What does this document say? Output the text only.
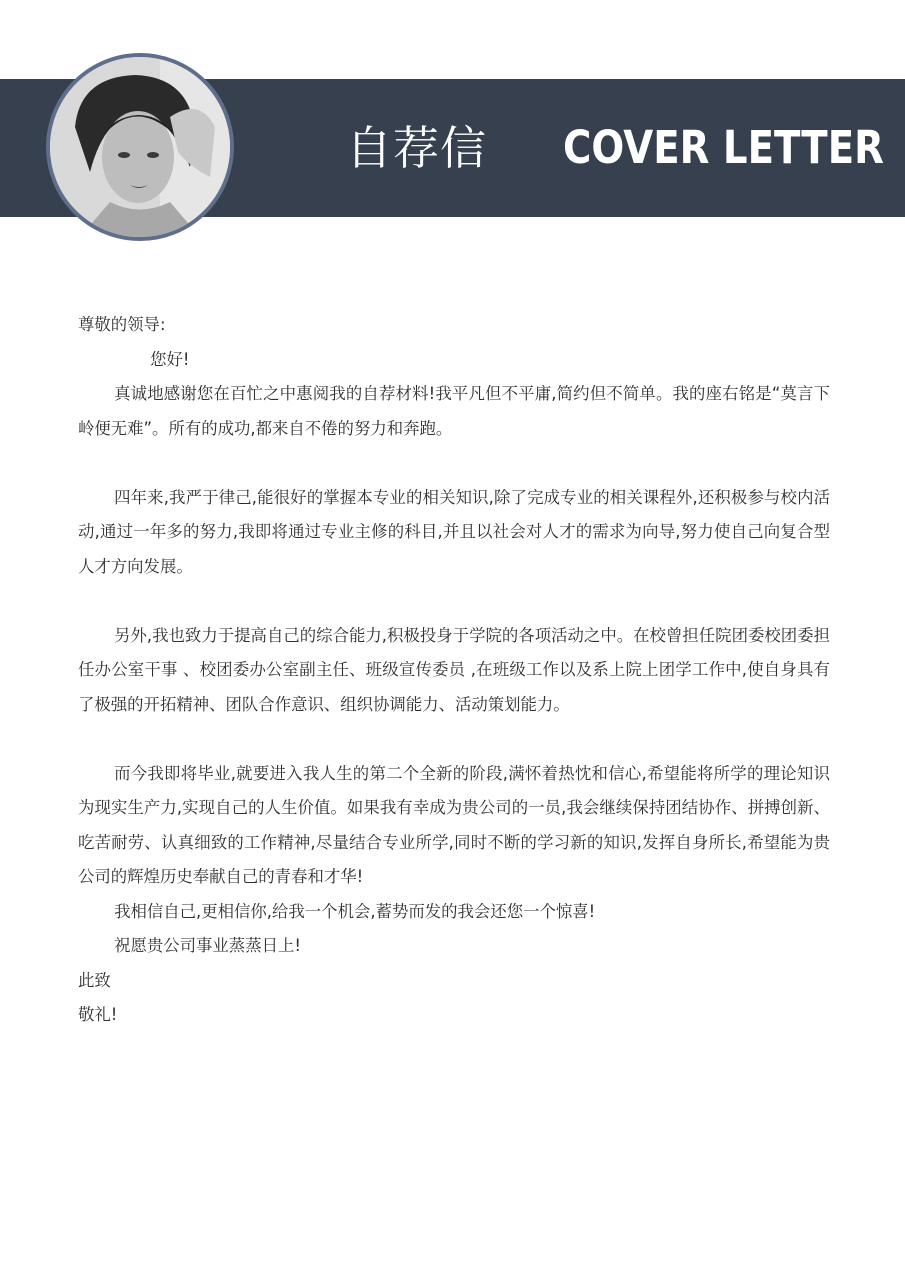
自荐信 COVER LETTER

尊敬的领导:

您好!

真诚地感谢您在百忙之中惠阅我的自荐材料!我平凡但不平庸,简约但不简单。我的座右铭是“莫言下岭便无难”。所有的成功,都来自不倦的努力和奔跑。

四年来,我严于律己,能很好的掌握本专业的相关知识,除了完成专业的相关课程外,还积极参与校内活动,通过一年多的努力,我即将通过专业主修的科目,并且以社会对人才的需求为向导,努力使自己向复合型人才方向发展。

另外,我也致力于提高自己的综合能力,积极投身于学院的各项活动之中。在校曾担任院团委校团委担任办公室干事 、校团委办公室副主任、班级宣传委员 ,在班级工作以及系上院上团学工作中,使自身具有了极强的开拓精神、团队合作意识、组织协调能力、活动策划能力。

而今我即将毕业,就要进入我人生的第二个全新的阶段,满怀着热忱和信心,希望能将所学的理论知识为现实生产力,实现自己的人生价值。如果我有幸成为贵公司的一员,我会继续保持团结协作、拼搏创新、吃苦耐劳、认真细致的工作精神,尽量结合专业所学,同时不断的学习新的知识,发挥自身所长,希望能为贵公司的辉煌历史奉献自己的青春和才华!

我相信自己,更相信你,给我一个机会,蓄势而发的我会还您一个惊喜!

祝愿贵公司事业蒸蒸日上!

此致

敬礼!
